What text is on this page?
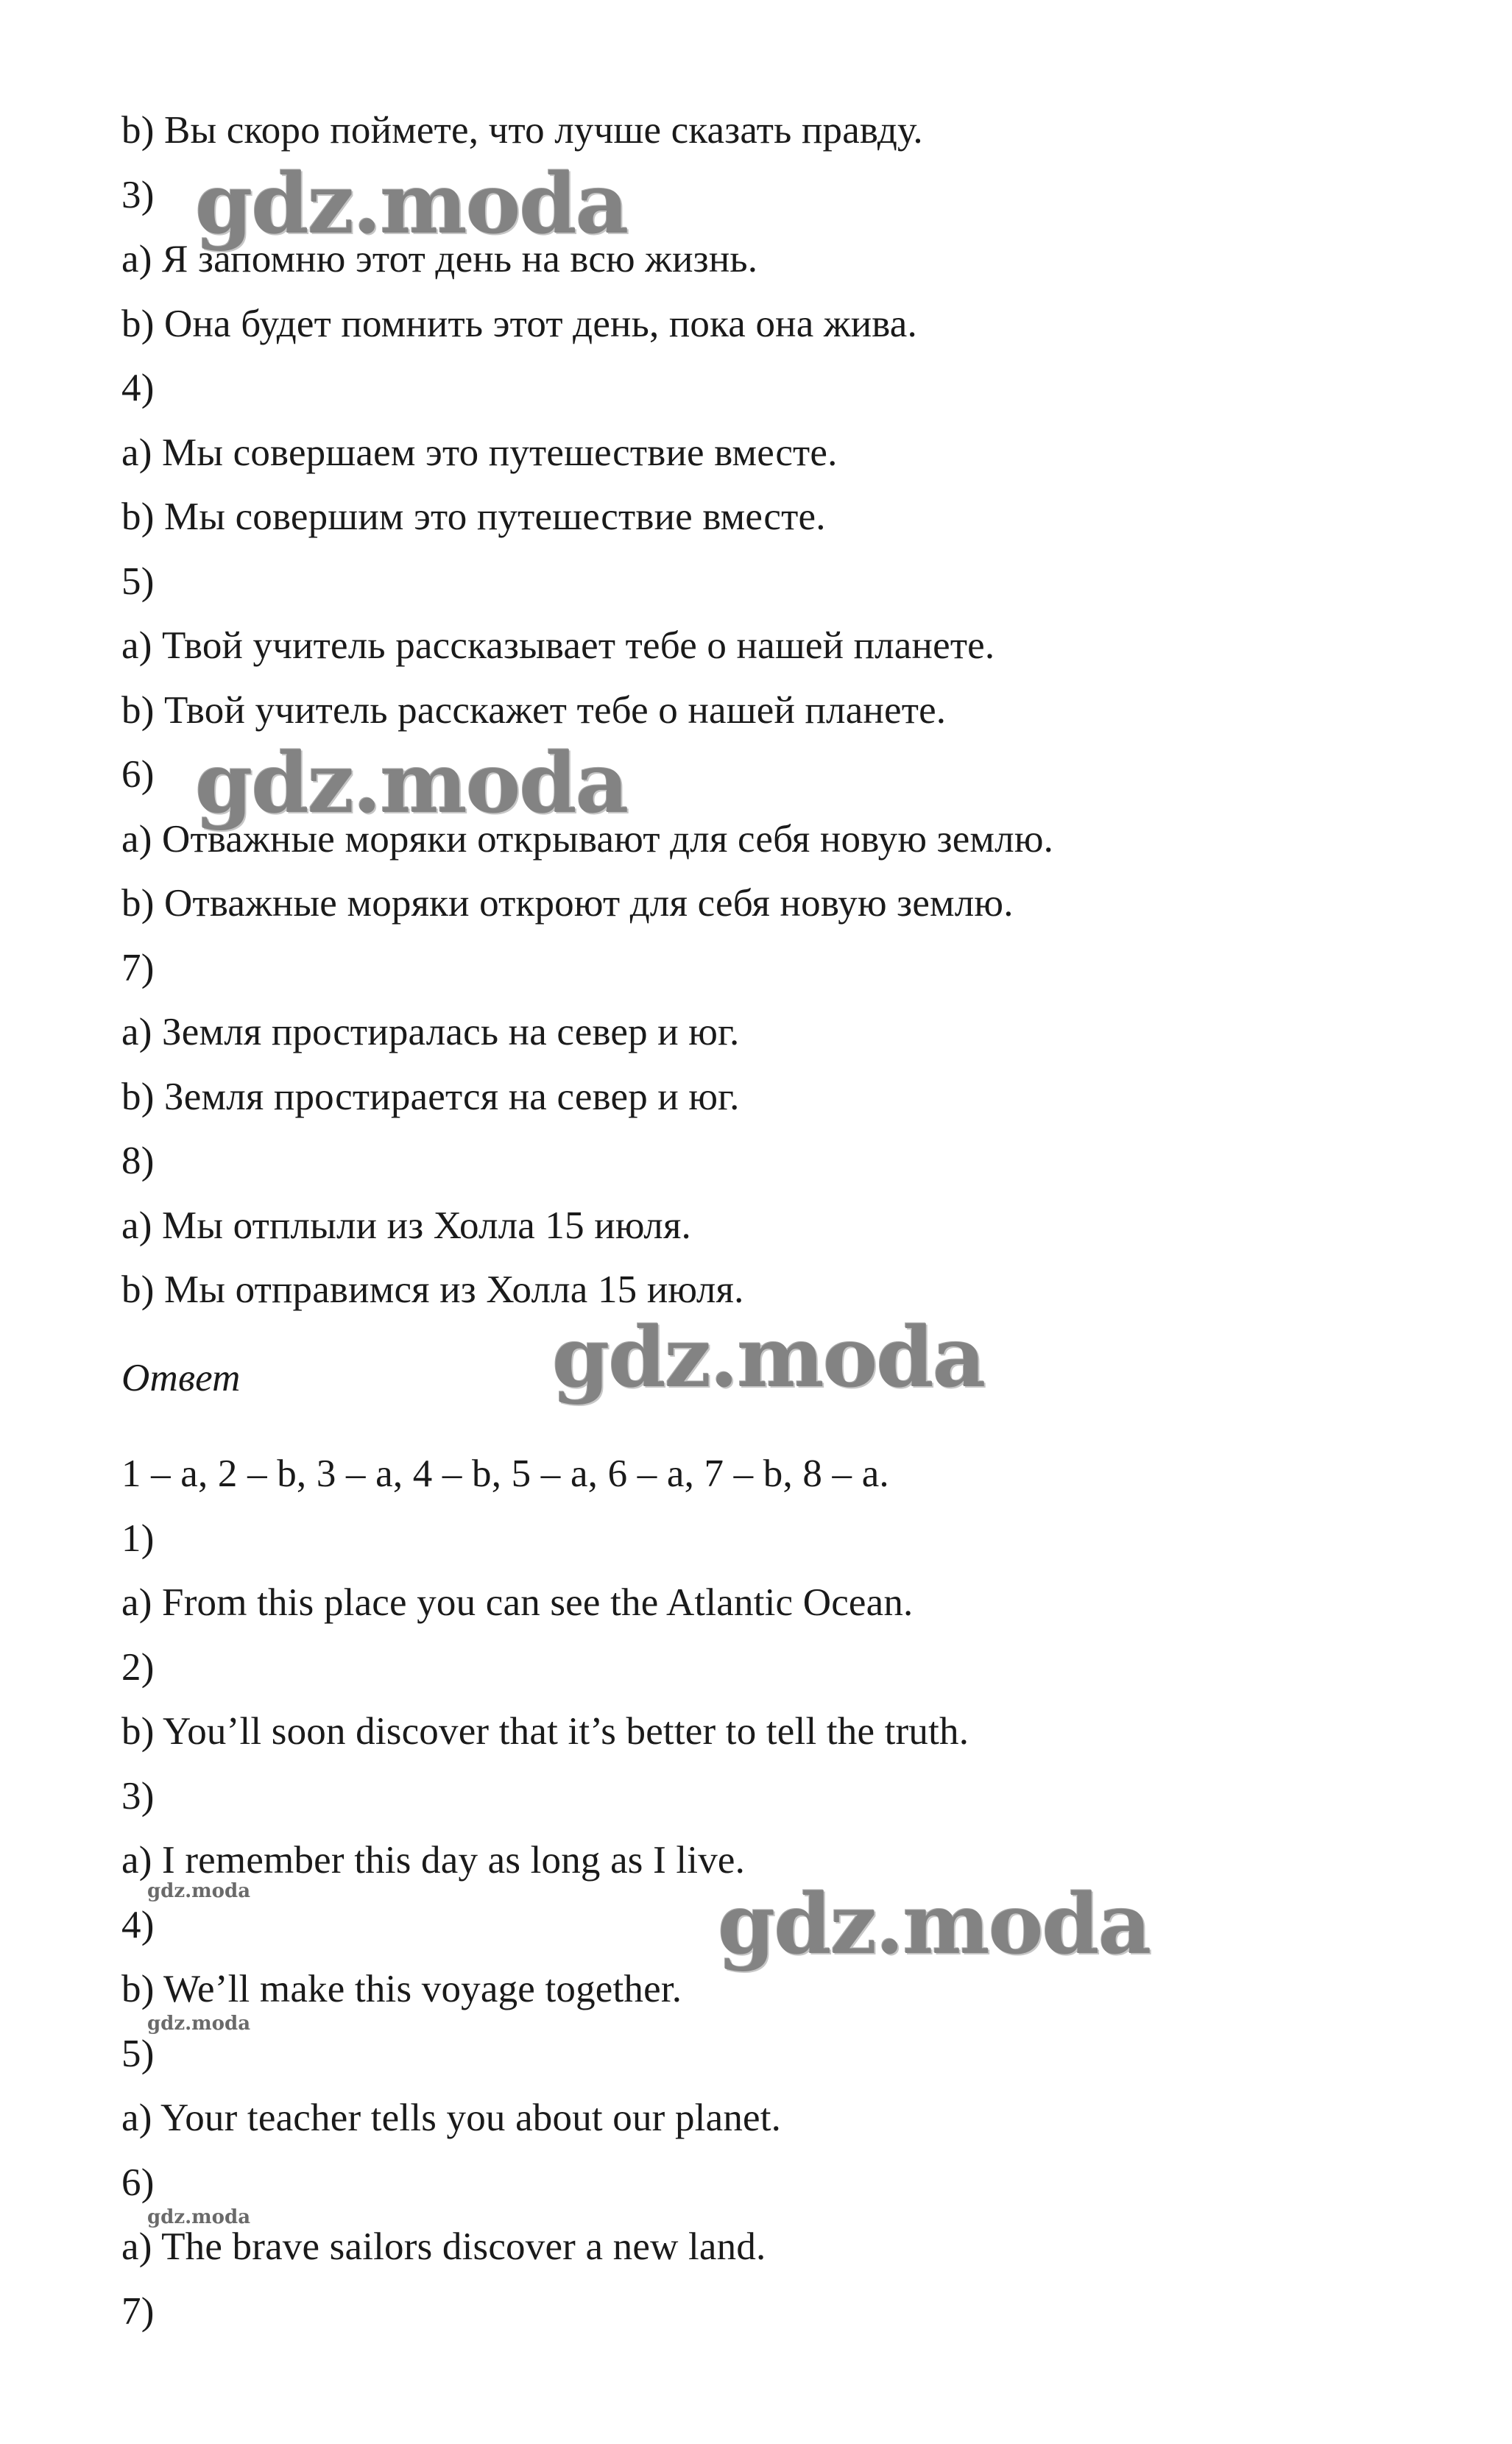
b) Вы скоро поймете, что лучше сказать правду.
3)
a) Я запомню этот день на всю жизнь.
b) Она будет помнить этот день, пока она жива.
4)
a) Мы совершаем это путешествие вместе.
b) Мы совершим это путешествие вместе.
5)
a) Твой учитель рассказывает тебе о нашей планете.
b) Твой учитель расскажет тебе о нашей планете.
6)
a) Отважные моряки открывают для себя новую землю.
b) Отважные моряки откроют для себя новую землю.
7)
a) Земля простиралась на север и юг.
b) Земля простирается на север и юг.
8)
a) Мы отплыли из Холла 15 июля.
b) Мы отправимся из Холла 15 июля.
Ответ
1 – a, 2 – b, 3 – a, 4 – b, 5 – a, 6 – a, 7 – b, 8 – a.
1)
a) From this place you can see the Atlantic Ocean.
2)
b) You’ll soon discover that it’s better to tell the truth.
3)
a) I remember this day as long as I live.
4)
b) We’ll make this voyage together.
5)
a) Your teacher tells you about our planet.
6)
a) The brave sailors discover a new land.
7)
gdz.moda
gdz.moda
gdz.moda
gdz.moda
gdz.moda
gdz.moda
gdz.moda
